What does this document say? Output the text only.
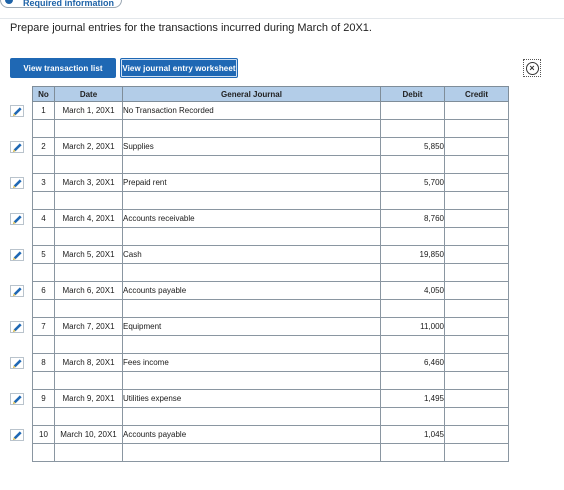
Required information
Prepare journal entries for the transactions incurred during March of 20X1.
View transaction list	View journal entry worksheet	×
No	Date	General Journal	Debit	Credit
1	March 1, 20X1	No Transaction Recorded		

2	March 2, 20X1	Supplies	5,850	

3	March 3, 20X1	Prepaid rent	5,700	

4	March 4, 20X1	Accounts receivable	8,760	

5	March 5, 20X1	Cash	19,850	

6	March 6, 20X1	Accounts payable	4,050	

7	March 7, 20X1	Equipment	11,000	

8	March 8, 20X1	Fees income	6,460	

9	March 9, 20X1	Utilities expense	1,495	

10	March 10, 20X1	Accounts payable	1,045	
